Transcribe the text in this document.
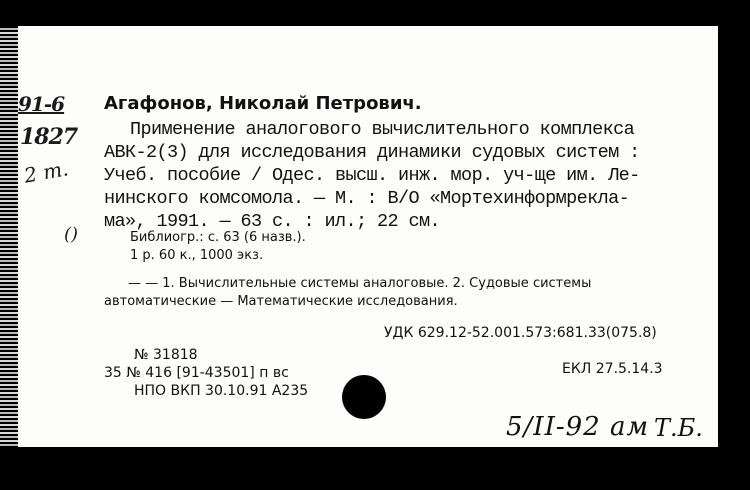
91-6
1827
2 т.
()
Агафонов, Николай Петрович.
Применение аналогового вычислительного комплекса
АВК-2(3) для исследования динамики судовых систем :
Учеб. пособие / Одес. высш. инж. мор. уч-ще им. Ле-
нинского комсомола. — М. : В/О «Мортехинформреклa-
ма», 1991. — 63 с. : ил.; 22 см.
Библиогр.: с. 63 (6 назв.).
1 р. 60 к., 1000 экз.
— — 1. Вычислительные системы аналоговые. 2. Судовые системы
автоматические — Математические исследования.
УДК 629.12-52.001.573:681.33(075.8)
№ 31818
35 № 416 [91-43501] п вс
НПО ВКП 30.10.91 А235
ЕКЛ 27.5.14.3
5/II-92 ам Т.Б.
